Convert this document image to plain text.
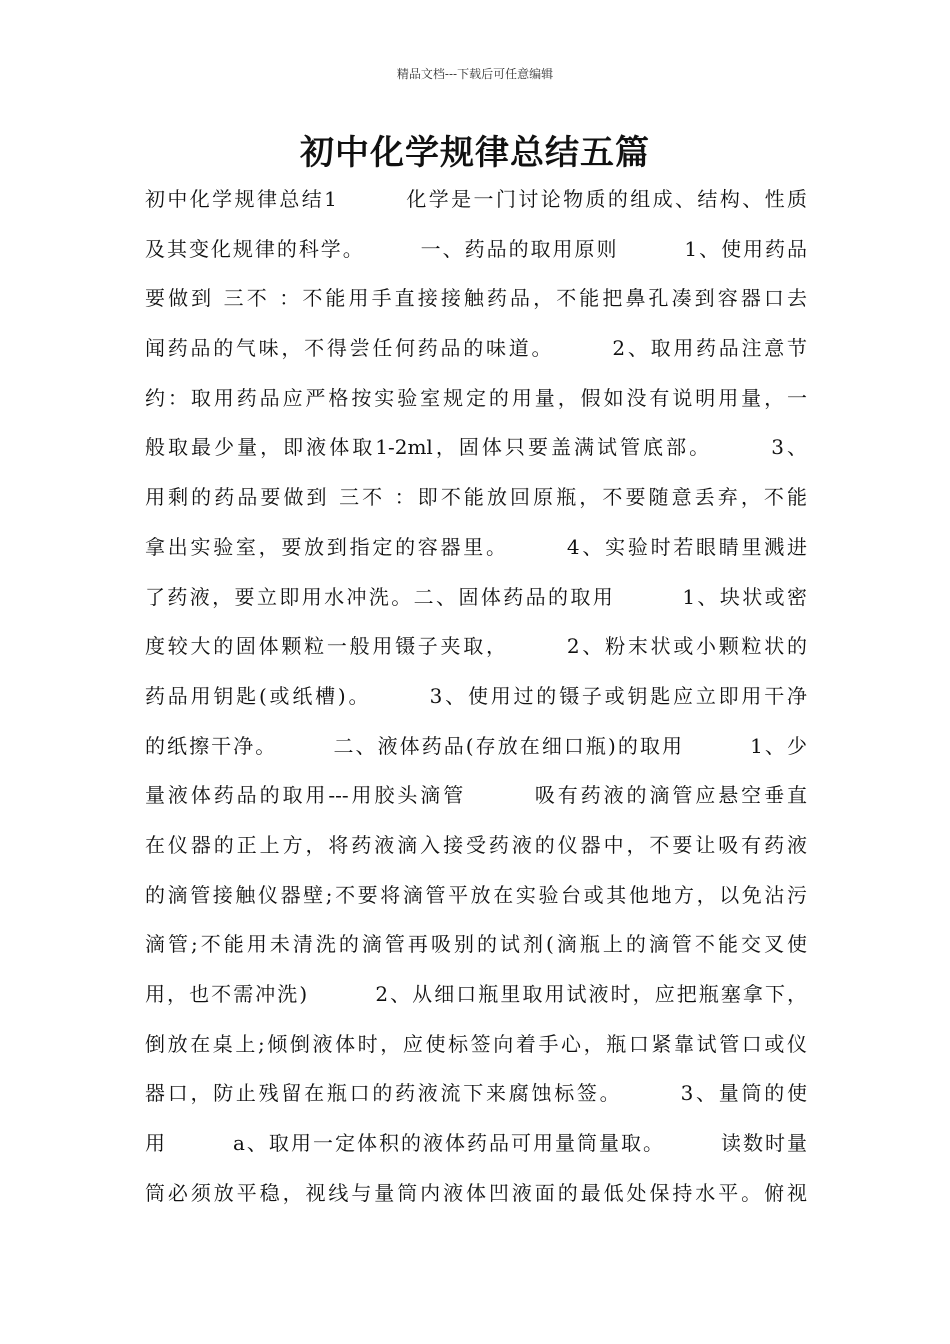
精品文档---下载后可任意编辑
初中化学规律总结五篇
初中化学规律总结1　　　化学是一门讨论物质的组成、结构、性质
及其变化规律的科学。　　　一、药品的取用原则　　　1、使用药品
要做到 三不 ：不能用手直接接触药品，不能把鼻孔凑到容器口去
闻药品的气味，不得尝任何药品的味道。　　　2、取用药品注意节
约：取用药品应严格按实验室规定的用量，假如没有说明用量，一
般取最少量，即液体取1-2ml，固体只要盖满试管底部。　　　3、
用剩的药品要做到 三不 ：即不能放回原瓶，不要随意丢弃，不能
拿出实验室，要放到指定的容器里。　　　4、实验时若眼睛里溅进
了药液，要立即用水冲洗。二、固体药品的取用　　　1、块状或密
度较大的固体颗粒一般用镊子夹取，　　　2、粉末状或小颗粒状的
药品用钥匙(或纸槽)。　　　3、使用过的镊子或钥匙应立即用干净
的纸擦干净。　　　二、液体药品(存放在细口瓶)的取用　　　1、少
量液体药品的取用---用胶头滴管　　　吸有药液的滴管应悬空垂直
在仪器的正上方，将药液滴入接受药液的仪器中，不要让吸有药液
的滴管接触仪器壁;不要将滴管平放在实验台或其他地方，以免沾污
滴管;不能用未清洗的滴管再吸别的试剂(滴瓶上的滴管不能交叉使
用，也不需冲洗)　　　2、从细口瓶里取用试液时，应把瓶塞拿下，
倒放在桌上;倾倒液体时，应使标签向着手心，瓶口紧靠试管口或仪
器口，防止残留在瓶口的药液流下来腐蚀标签。　　　3、量筒的使
用　　　a、取用一定体积的液体药品可用量筒量取。　　　读数时量
筒必须放平稳，视线与量筒内液体凹液面的最低处保持水平。俯视
